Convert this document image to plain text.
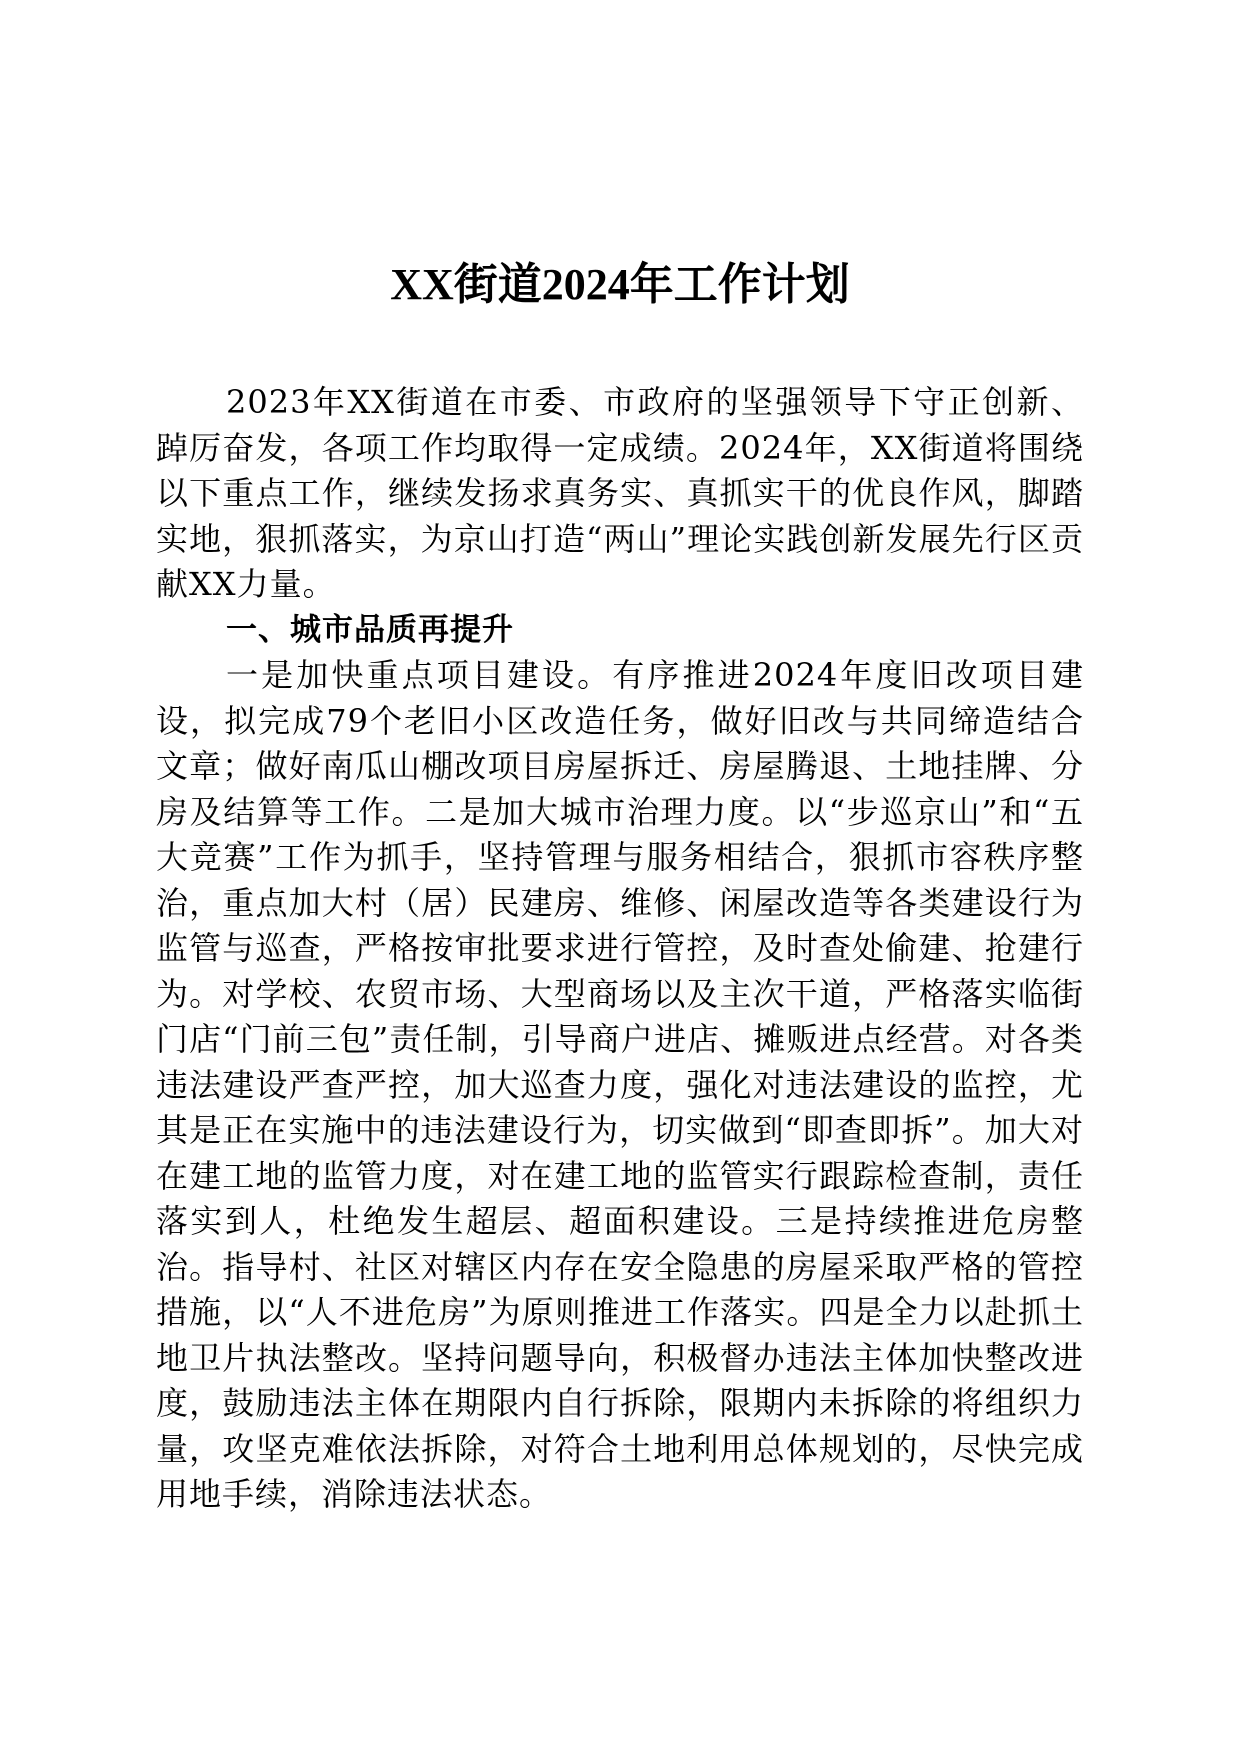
XX街道2024年工作计划

2023年XX街道在市委、市政府的坚强领导下守正创新、踔厉奋发，各项工作均取得一定成绩。2024年，XX街道将围绕以下重点工作，继续发扬求真务实、真抓实干的优良作风，脚踏实地，狠抓落实，为京山打造“两山”理论实践创新发展先行区贡献XX力量。

一、城市品质再提升

一是加快重点项目建设。有序推进2024年度旧改项目建设，拟完成79个老旧小区改造任务，做好旧改与共同缔造结合文章；做好南瓜山棚改项目房屋拆迁、房屋腾退、土地挂牌、分房及结算等工作。二是加大城市治理力度。以“步巡京山”和“五大竞赛”工作为抓手，坚持管理与服务相结合，狠抓市容秩序整治，重点加大村（居）民建房、维修、闲屋改造等各类建设行为监管与巡查，严格按审批要求进行管控，及时查处偷建、抢建行为。对学校、农贸市场、大型商场以及主次干道，严格落实临街门店“门前三包”责任制，引导商户进店、摊贩进点经营。对各类违法建设严查严控，加大巡查力度，强化对违法建设的监控，尤其是正在实施中的违法建设行为，切实做到“即查即拆”。加大对在建工地的监管力度，对在建工地的监管实行跟踪检查制，责任落实到人，杜绝发生超层、超面积建设。三是持续推进危房整治。指导村、社区对辖区内存在安全隐患的房屋采取严格的管控措施，以“人不进危房”为原则推进工作落实。四是全力以赴抓土地卫片执法整改。坚持问题导向，积极督办违法主体加快整改进度，鼓励违法主体在期限内自行拆除，限期内未拆除的将组织力量，攻坚克难依法拆除，对符合土地利用总体规划的，尽快完成用地手续，消除违法状态。
